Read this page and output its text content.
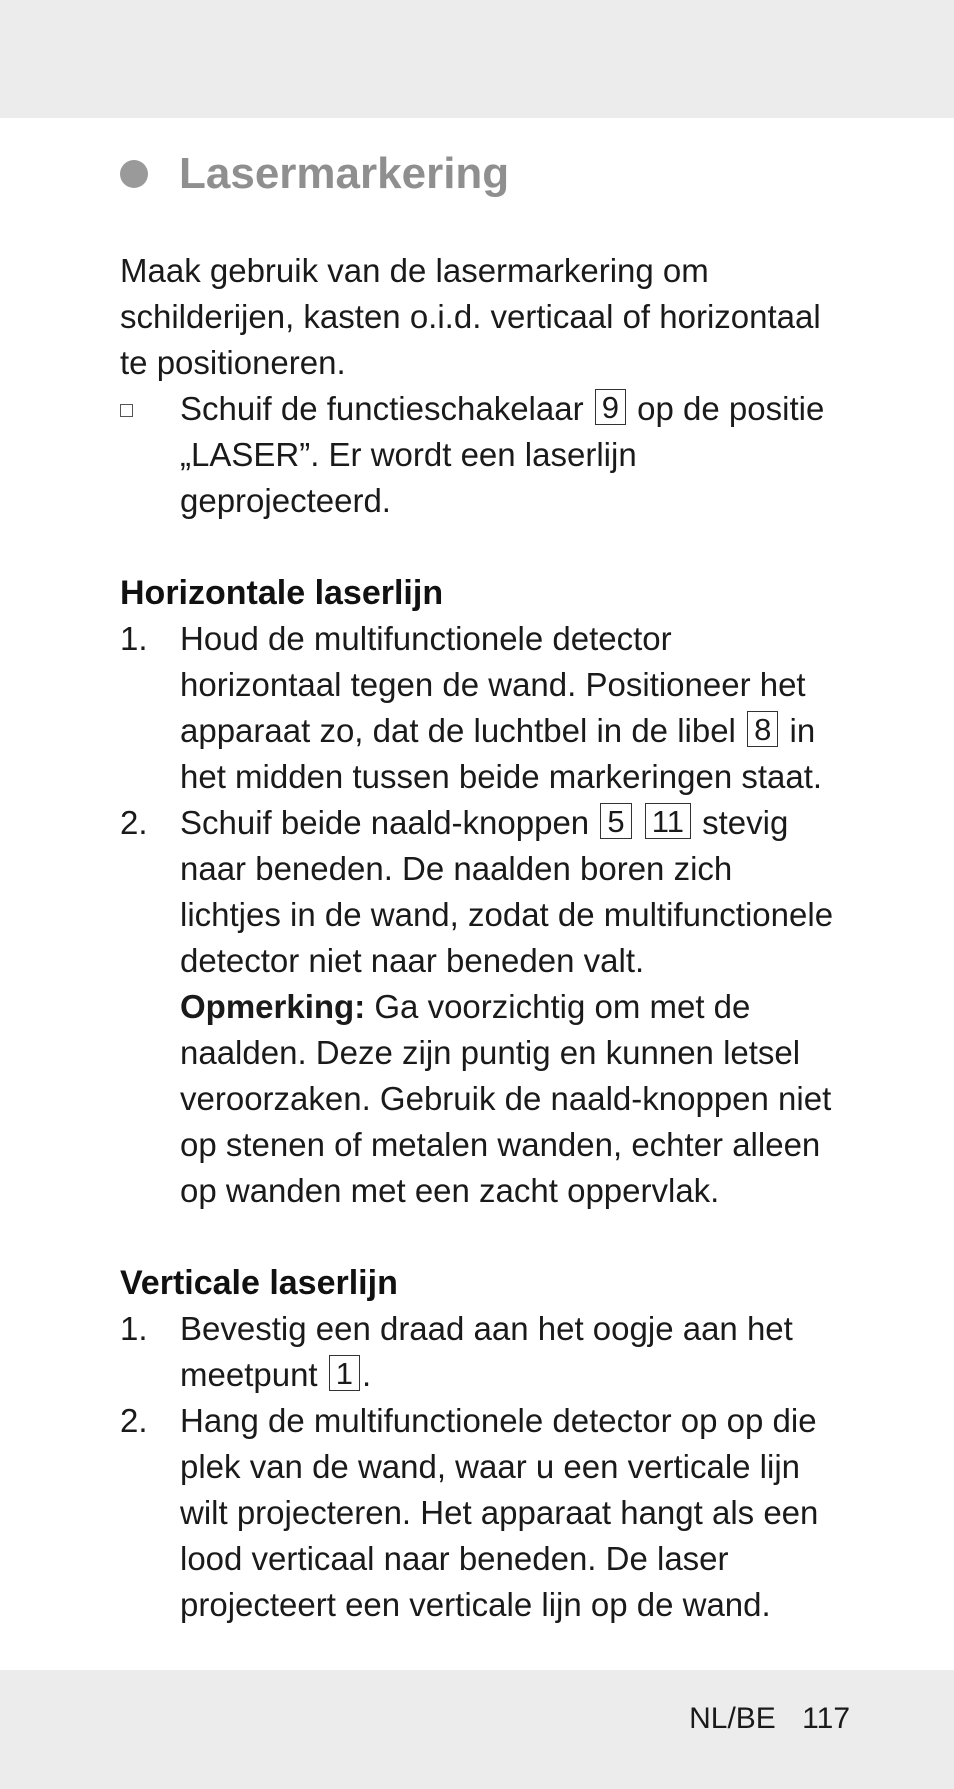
Lasermarkering

Maak gebruik van de lasermarkering om schilderijen, kasten o.i.d. verticaal of horizontaal te positioneren.

Schuif de functieschakelaar 9 op de positie „LASER”. Er wordt een laserlijn geprojecteerd.
Horizontale laserlijn
1. Houd de multifunctionele detector horizontaal tegen de wand. Positioneer het apparaat zo, dat de luchtbel in de libel 8 in het midden tussen beide markeringen staat.
2. Schuif beide naald-knoppen 5 11 stevig naar beneden. De naalden boren zich lichtjes in de wand, zodat de multifunctionele detector niet naar beneden valt.

Opmerking: Ga voorzichtig om met de naalden. Deze zijn puntig en kunnen letsel veroorzaken. Gebruik de naald-knoppen niet op stenen of metalen wanden, echter alleen op wanden met een zacht oppervlak.

Verticale laserlijn
1. Bevestig een draad aan het oogje aan het meetpunt 1 .
2. Hang de multifunctionele detector op op die plek van de wand, waar u een verticale lijn wilt projecteren. Het apparaat hangt als een lood verticaal naar beneden. De laser projecteert een verticale lijn op de wand.
NL/BE 117
